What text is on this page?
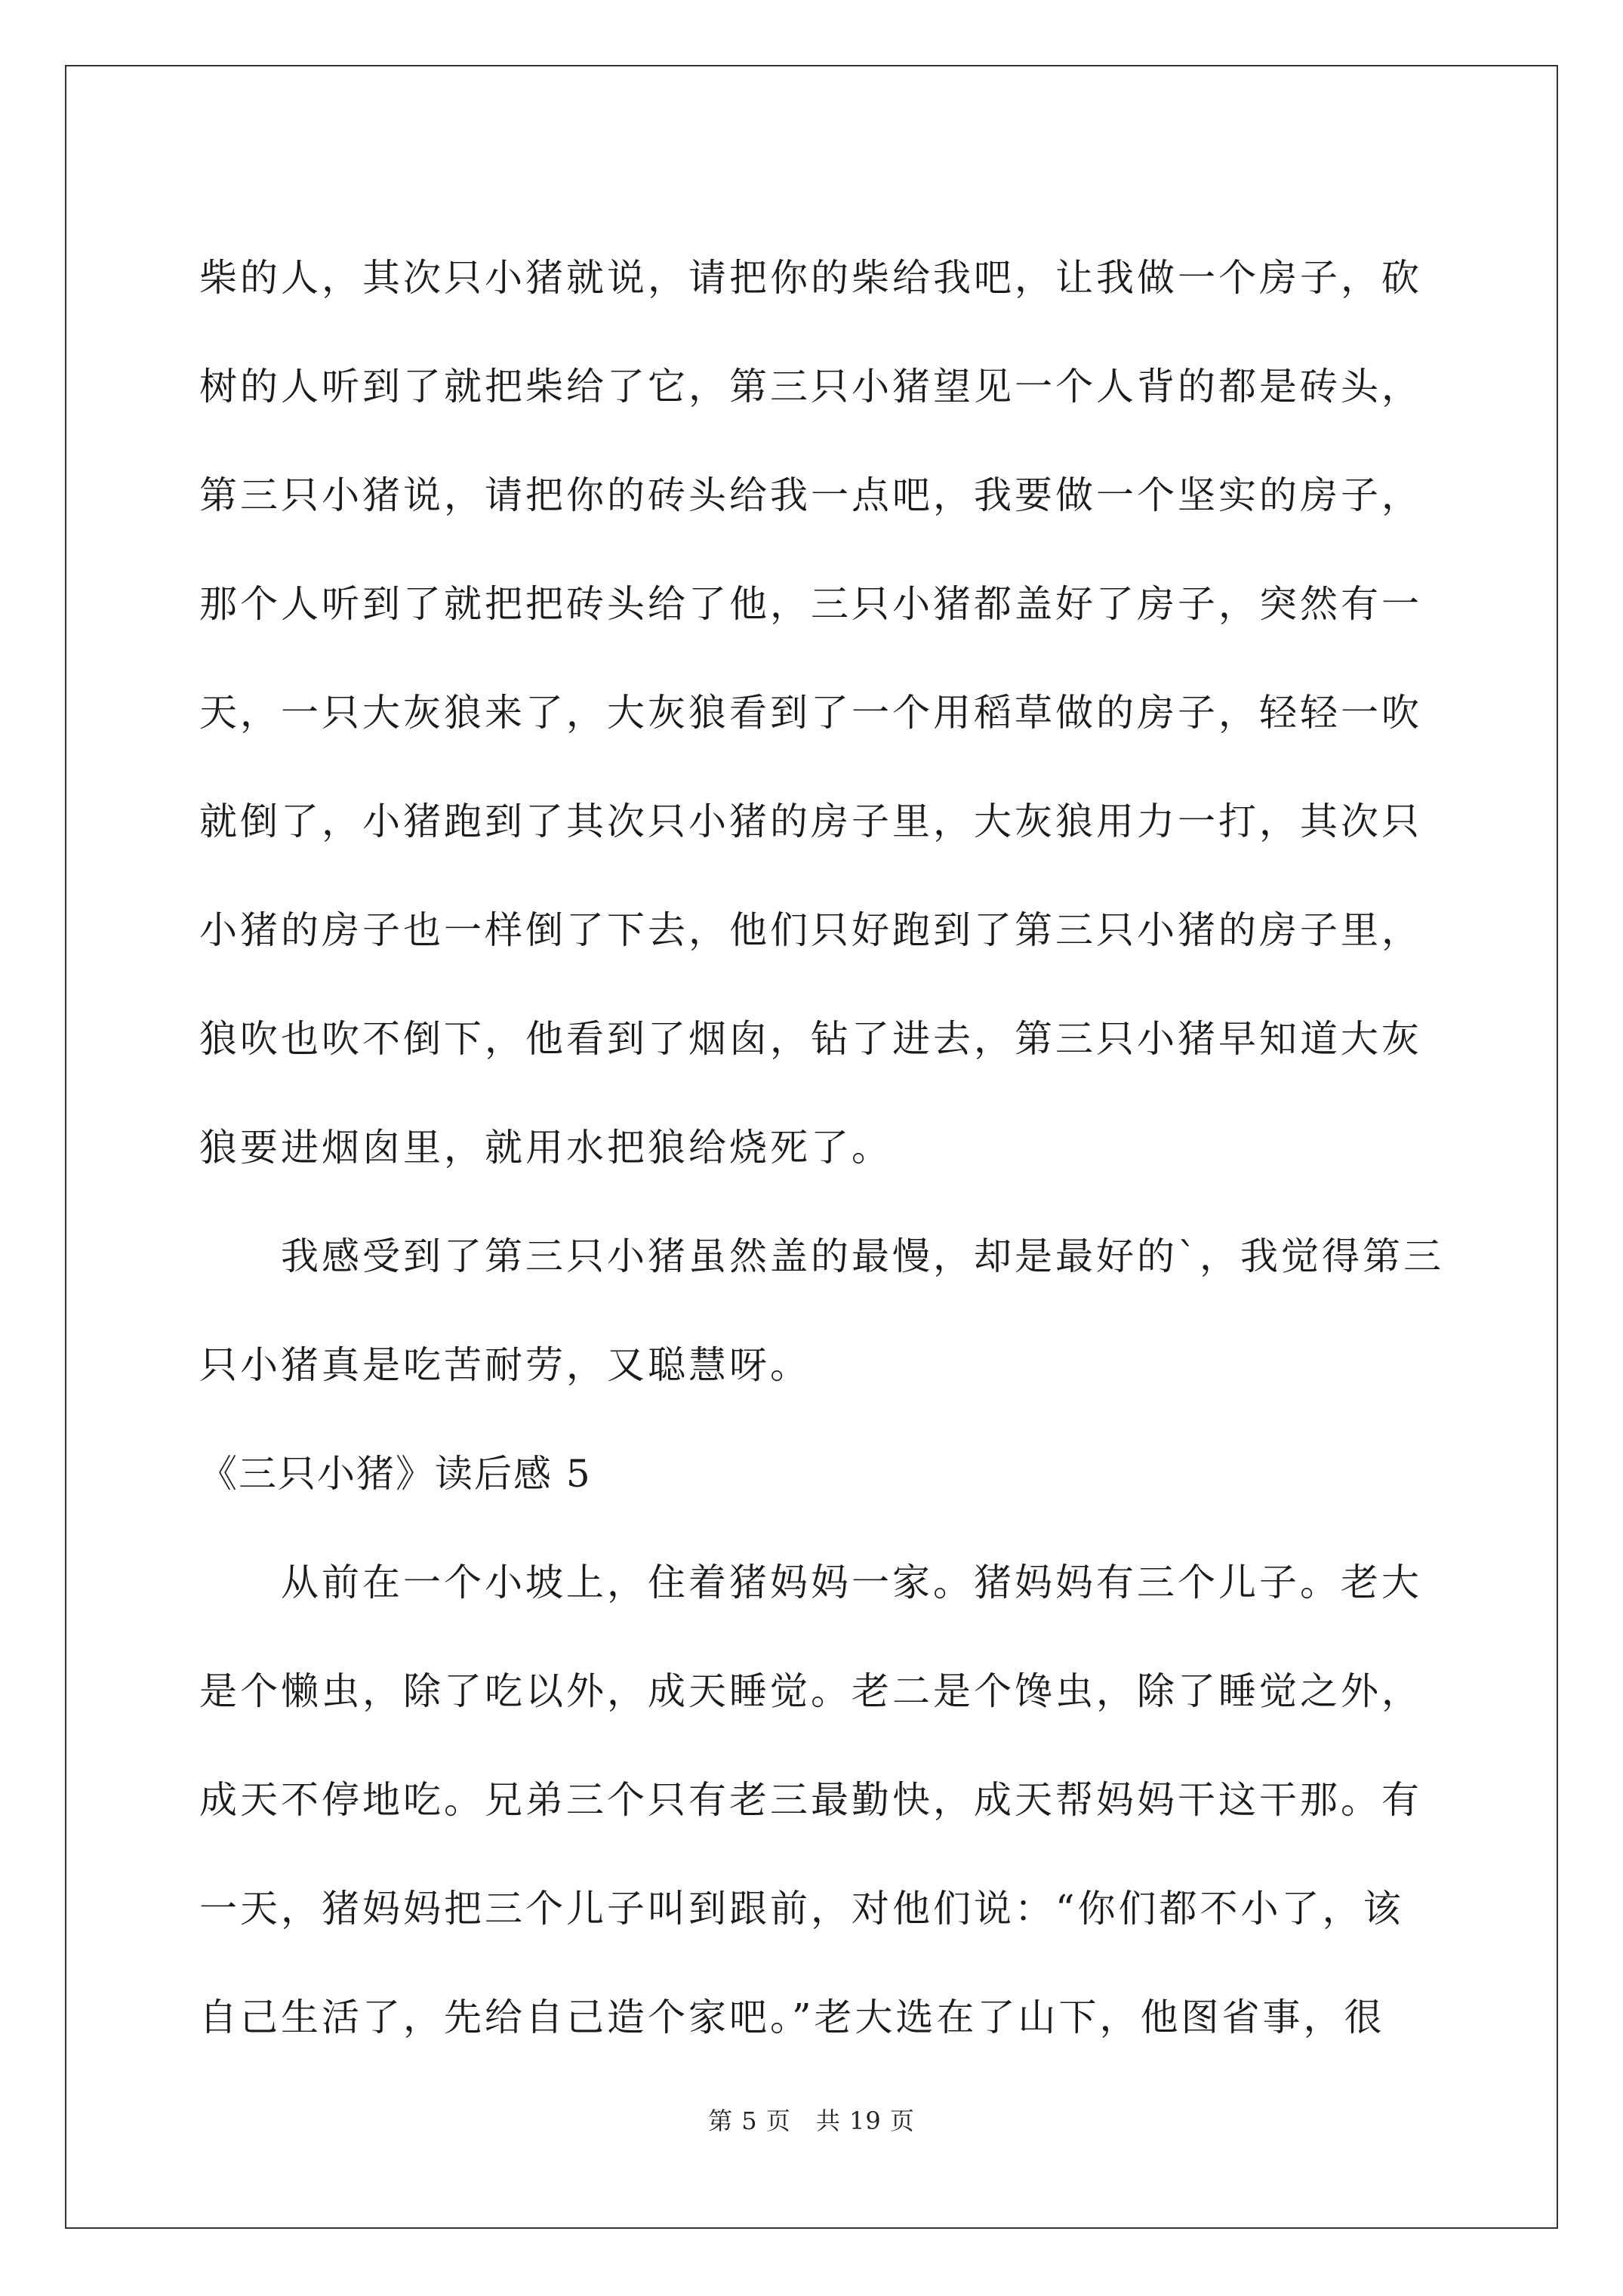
柴的人，其次只小猪就说，请把你的柴给我吧，让我做一个房子，砍
树的人听到了就把柴给了它，第三只小猪望见一个人背的都是砖头，
第三只小猪说，请把你的砖头给我一点吧，我要做一个坚实的房子，
那个人听到了就把把砖头给了他，三只小猪都盖好了房子，突然有一
天，一只大灰狼来了，大灰狼看到了一个用稻草做的房子，轻轻一吹
就倒了，小猪跑到了其次只小猪的房子里，大灰狼用力一打，其次只
小猪的房子也一样倒了下去，他们只好跑到了第三只小猪的房子里，
狼吹也吹不倒下，他看到了烟囱，钻了进去，第三只小猪早知道大灰
狼要进烟囱里，就用水把狼给烧死了。
　　我感受到了第三只小猪虽然盖的最慢，却是最好的`，我觉得第三
只小猪真是吃苦耐劳，又聪慧呀。
《三只小猪》读后感 5
　　从前在一个小坡上，住着猪妈妈一家。猪妈妈有三个儿子。老大
是个懒虫，除了吃以外，成天睡觉。老二是个馋虫，除了睡觉之外，
成天不停地吃。兄弟三个只有老三最勤快，成天帮妈妈干这干那。有
一天，猪妈妈把三个儿子叫到跟前，对他们说：“你们都不小了，该
自己生活了，先给自己造个家吧。”老大选在了山下，他图省事，很
第 5 页　共 19 页
